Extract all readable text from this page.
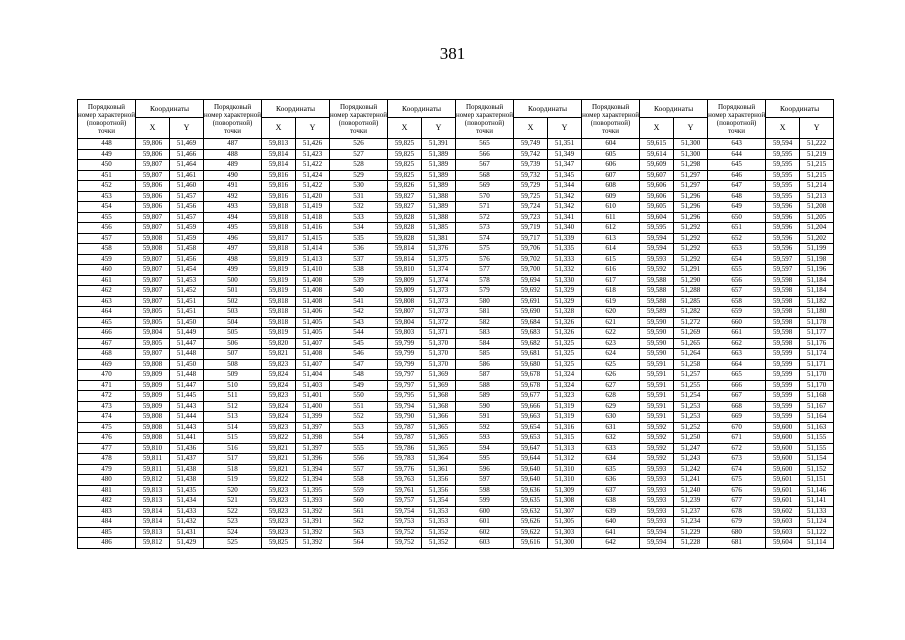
381
Порядковый номер характерной (поворотной) точки	Координаты		Порядковый номер характерной (поворотной) точки	Координаты		Порядковый номер характерной (поворотной) точки	Координаты		Порядковый номер характерной (поворотной) точки	Координаты		Порядковый номер характерной (поворотной) точки	Координаты		Порядковый номер характерной (поворотной) точки	Координаты	
	X	Y		X	Y		X	Y		X	Y		X	Y		X	Y
448	59,806	51,469	487	59,813	51,426	526	59,825	51,391	565	59,749	51,351	604	59,615	51,300	643	59,594	51,222
449	59,806	51,466	488	59,814	51,423	527	59,825	51,389	566	59,742	51,349	605	59,614	51,300	644	59,595	51,219
450	59,807	51,464	489	59,814	51,422	528	59,825	51,389	567	59,739	51,347	606	59,609	51,298	645	59,595	51,215
451	59,807	51,461	490	59,816	51,424	529	59,825	51,389	568	59,732	51,345	607	59,607	51,297	646	59,595	51,215
452	59,806	51,460	491	59,816	51,422	530	59,826	51,389	569	59,729	51,344	608	59,606	51,297	647	59,595	51,214
453	59,806	51,457	492	59,816	51,420	531	59,827	51,388	570	59,725	51,342	609	59,606	51,296	648	59,595	51,213
454	59,806	51,456	493	59,818	51,419	532	59,827	51,389	571	59,724	51,342	610	59,605	51,296	649	59,596	51,208
455	59,807	51,457	494	59,818	51,418	533	59,828	51,388	572	59,723	51,341	611	59,604	51,296	650	59,596	51,205
456	59,807	51,459	495	59,818	51,416	534	59,828	51,385	573	59,719	51,340	612	59,595	51,292	651	59,596	51,204
457	59,808	51,459	496	59,817	51,415	535	59,828	51,381	574	59,717	51,339	613	59,594	51,292	652	59,596	51,202
458	59,808	51,458	497	59,818	51,414	536	59,814	51,376	575	59,706	51,335	614	59,594	51,292	653	59,596	51,199
459	59,807	51,456	498	59,819	51,413	537	59,814	51,375	576	59,702	51,333	615	59,593	51,292	654	59,597	51,198
460	59,807	51,454	499	59,819	51,410	538	59,810	51,374	577	59,700	51,332	616	59,592	51,291	655	59,597	51,196
461	59,807	51,453	500	59,819	51,408	539	59,809	51,374	578	59,694	51,330	617	59,588	51,290	656	59,598	51,184
462	59,807	51,452	501	59,819	51,408	540	59,809	51,373	579	59,692	51,329	618	59,588	51,288	657	59,598	51,184
463	59,807	51,451	502	59,818	51,408	541	59,808	51,373	580	59,691	51,329	619	59,588	51,285	658	59,598	51,182
464	59,805	51,451	503	59,818	51,406	542	59,807	51,373	581	59,690	51,328	620	59,589	51,282	659	59,598	51,180
465	59,805	51,450	504	59,818	51,405	543	59,804	51,372	582	59,684	51,326	621	59,590	51,272	660	59,598	51,178
466	59,804	51,449	505	59,819	51,405	544	59,803	51,371	583	59,683	51,326	622	59,590	51,269	661	59,598	51,177
467	59,805	51,447	506	59,820	51,407	545	59,799	51,370	584	59,682	51,325	623	59,590	51,265	662	59,598	51,176
468	59,807	51,448	507	59,821	51,408	546	59,799	51,370	585	59,681	51,325	624	59,590	51,264	663	59,599	51,174
469	59,808	51,450	508	59,823	51,407	547	59,799	51,370	586	59,680	51,325	625	59,591	51,258	664	59,599	51,171
470	59,809	51,448	509	59,824	51,404	548	59,797	51,369	587	59,678	51,324	626	59,591	51,257	665	59,599	51,170
471	59,809	51,447	510	59,824	51,403	549	59,797	51,369	588	59,678	51,324	627	59,591	51,255	666	59,599	51,170
472	59,809	51,445	511	59,823	51,401	550	59,795	51,368	589	59,677	51,323	628	59,591	51,254	667	59,599	51,168
473	59,809	51,443	512	59,824	51,400	551	59,794	51,368	590	59,666	51,319	629	59,591	51,253	668	59,599	51,167
474	59,808	51,444	513	59,824	51,399	552	59,790	51,366	591	59,663	51,319	630	59,591	51,253	669	59,599	51,164
475	59,808	51,443	514	59,823	51,397	553	59,787	51,365	592	59,654	51,316	631	59,592	51,252	670	59,600	51,163
476	59,808	51,441	515	59,822	51,398	554	59,787	51,365	593	59,653	51,315	632	59,592	51,250	671	59,600	51,155
477	59,810	51,436	516	59,821	51,397	555	59,786	51,365	594	59,647	51,313	633	59,592	51,247	672	59,600	51,155
478	59,811	51,437	517	59,821	51,396	556	59,783	51,364	595	59,644	51,312	634	59,592	51,243	673	59,600	51,154
479	59,811	51,438	518	59,821	51,394	557	59,776	51,361	596	59,640	51,310	635	59,593	51,242	674	59,600	51,152
480	59,812	51,438	519	59,822	51,394	558	59,763	51,356	597	59,640	51,310	636	59,593	51,241	675	59,601	51,151
481	59,813	51,435	520	59,823	51,395	559	59,761	51,356	598	59,636	51,309	637	59,593	51,240	676	59,601	51,146
482	59,813	51,434	521	59,823	51,393	560	59,757	51,354	599	59,635	51,308	638	59,593	51,239	677	59,601	51,141
483	59,814	51,433	522	59,823	51,392	561	59,754	51,353	600	59,632	51,307	639	59,593	51,237	678	59,602	51,133
484	59,814	51,432	523	59,823	51,391	562	59,753	51,353	601	59,626	51,305	640	59,593	51,234	679	59,603	51,124
485	59,813	51,431	524	59,823	51,392	563	59,752	51,352	602	59,622	51,303	641	59,594	51,229	680	59,603	51,122
486	59,812	51,429	525	59,825	51,392	564	59,752	51,352	603	59,616	51,300	642	59,594	51,228	681	59,604	51,114
